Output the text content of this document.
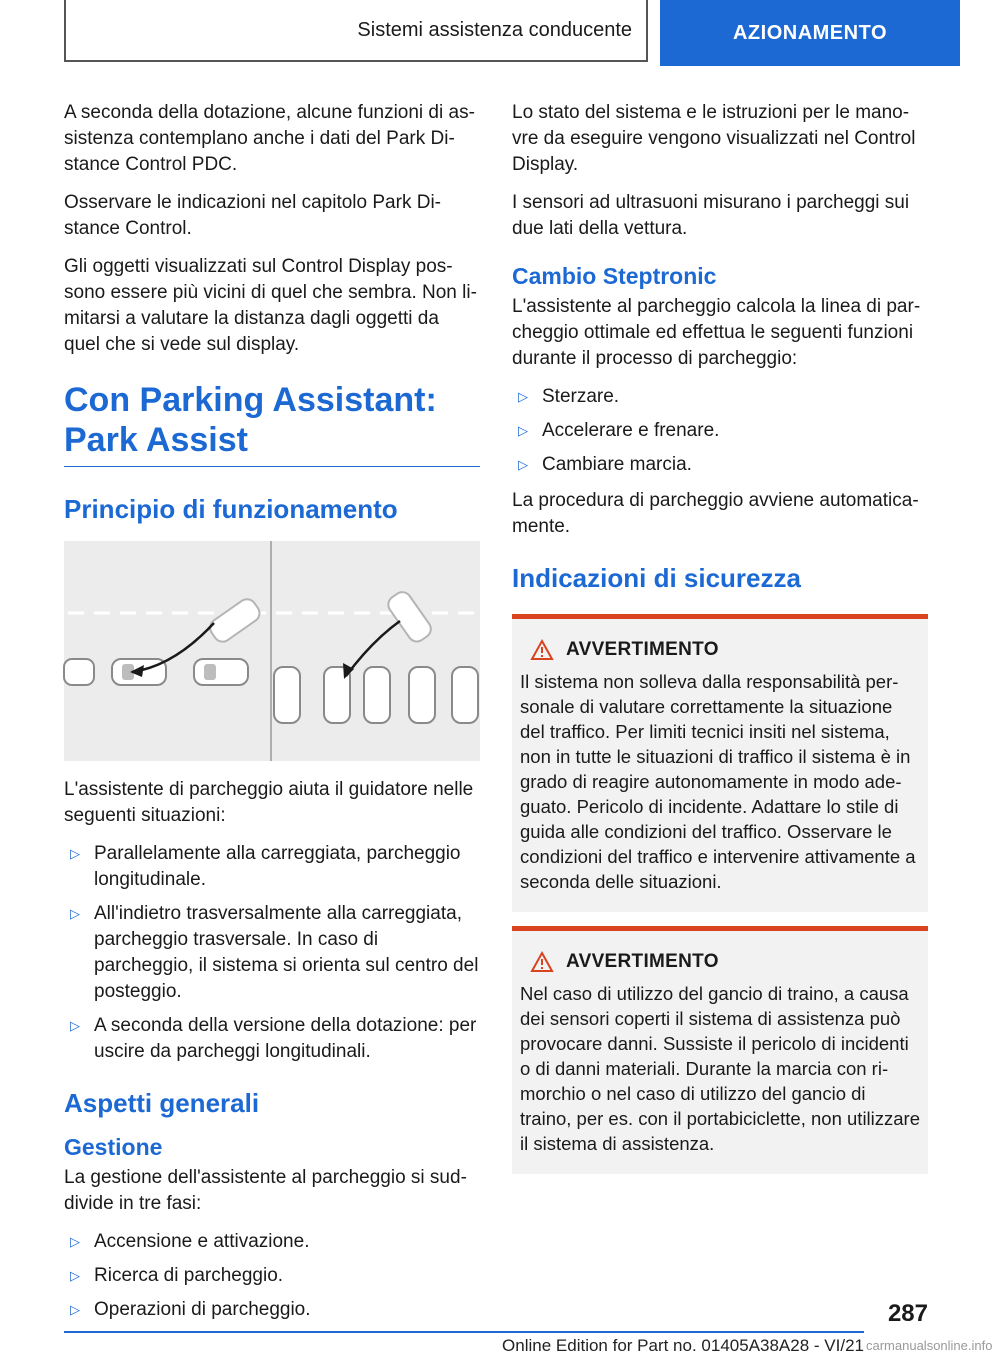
Sistemi assistenza conducente	AZIONAMENTO

A seconda della dotazione, alcune funzioni di assistenza contemplano anche i dati del Park Distance Control PDC.

Osservare le indicazioni nel capitolo Park Distance Control.

Gli oggetti visualizzati sul Control Display possono essere più vicini di quel che sembra. Non limitarsi a valutare la distanza dagli oggetti da quel che si vede sul display.

Con Parking Assistant:
Park Assist
Principio di funzionamento

L'assistente di parcheggio aiuta il guidatore nelle seguenti situazioni:

▷ Parallelamente alla carreggiata, parcheggio longitudinale.
▷ All'indietro trasversalmente alla carreggiata, parcheggio trasversale. In caso di parcheggio, il sistema si orienta sul centro del posteggio.
▷ A seconda della versione della dotazione: per uscire da parcheggi longitudinali.
Aspetti generali
Gestione

La gestione dell'assistente al parcheggio si suddivide in tre fasi:

▷ Accensione e attivazione.
▷ Ricerca di parcheggio.
▷ Operazioni di parcheggio.

Lo stato del sistema e le istruzioni per le manovre da eseguire vengono visualizzati nel Control Display.

I sensori ad ultrasuoni misurano i parcheggi sui due lati della vettura.

Cambio Steptronic

L'assistente al parcheggio calcola la linea di parcheggio ottimale ed effettua le seguenti funzioni durante il processo di parcheggio:

▷ Sterzare.
▷ Accelerare e frenare.
▷ Cambiare marcia.

La procedura di parcheggio avviene automaticamente.

Indicazioni di sicurezza
AVVERTIMENTO

Il sistema non solleva dalla responsabilità personale di valutare correttamente la situazione del traffico. Per limiti tecnici insiti nel sistema, non in tutte le situazioni di traffico il sistema è in grado di reagire autonomamente in modo adeguato. Pericolo di incidente. Adattare lo stile di guida alle condizioni del traffico. Osservare le condizioni del traffico e intervenire attivamente a seconda delle situazioni.

AVVERTIMENTO

Nel caso di utilizzo del gancio di traino, a causa dei sensori coperti il sistema di assistenza può provocare danni. Sussiste il pericolo di incidenti o di danni materiali. Durante la marcia con rimorchio o nel caso di utilizzo del gancio di traino, per es. con il portabiciclette, non utilizzare il sistema di assistenza.

287
Online Edition for Part no. 01405A38A28 - VI/21 carmanualsonline.info
